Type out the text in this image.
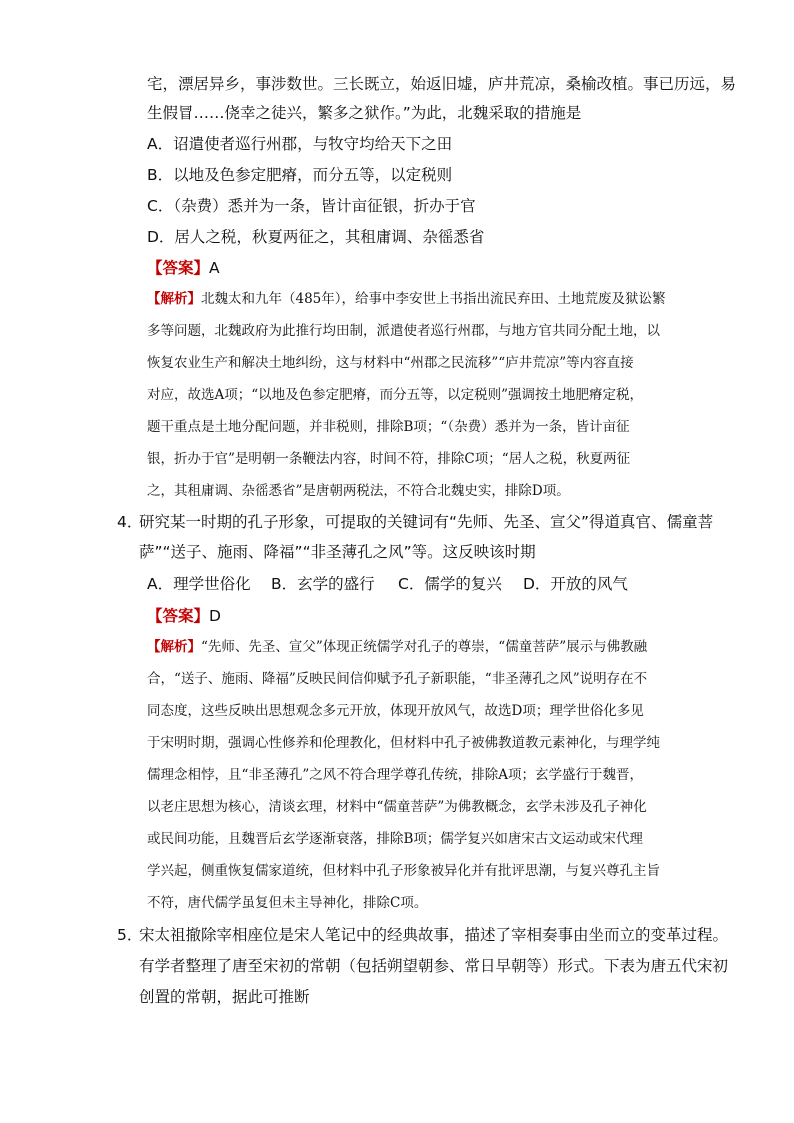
宅，漂居异乡，事涉数世。三长既立，始返旧墟，庐井荒凉，桑榆改植。事已历远，易
生假冒……侥幸之徒兴，繁多之狱作。”为此，北魏采取的措施是
A．诏遣使者巡行州郡，与牧守均给天下之田
B．以地及色参定肥瘠，而分五等，以定税则
C．（杂费）悉并为一条，皆计亩征银，折办于官
D．居人之税，秋夏两征之，其租庸调、杂徭悉省
【答案】A
【解析】北魏太和九年（485年），给事中李安世上书指出流民弃田、土地荒废及狱讼繁
多等问题，北魏政府为此推行均田制，派遣使者巡行州郡，与地方官共同分配土地，以
恢复农业生产和解决土地纠纷，这与材料中“州郡之民流移”“庐井荒凉”等内容直接
对应，故选A项；“以地及色参定肥瘠，而分五等，以定税则”强调按土地肥瘠定税，
题干重点是土地分配问题，并非税则，排除B项；“（杂费）悉并为一条，皆计亩征
银，折办于官”是明朝一条鞭法内容，时间不符，排除C项；“居人之税，秋夏两征
之，其租庸调、杂徭悉省”是唐朝两税法，不符合北魏史实，排除D项。
4．
研究某一时期的孔子形象，可提取的关键词有“先师、先圣、宣父”得道真官、儒童菩
萨”“送子、施雨、降福”“非圣薄孔之风”等。这反映该时期
A．理学世俗化 B．玄学的盛行 C．儒学的复兴 D．开放的风气
【答案】D
【解析】“先师、先圣、宣父”体现正统儒学对孔子的尊崇，“儒童菩萨”展示与佛教融
合，“送子、施雨、降福”反映民间信仰赋予孔子新职能，“非圣薄孔之风”说明存在不
同态度，这些反映出思想观念多元开放，体现开放风气，故选D项；理学世俗化多见
于宋明时期，强调心性修养和伦理教化，但材料中孔子被佛教道教元素神化，与理学纯
儒理念相悖，且“非圣薄孔”之风不符合理学尊孔传统，排除A项；玄学盛行于魏晋，
以老庄思想为核心，清谈玄理，材料中“儒童菩萨”为佛教概念，玄学未涉及孔子神化
或民间功能，且魏晋后玄学逐渐衰落，排除B项；儒学复兴如唐宋古文运动或宋代理
学兴起，侧重恢复儒家道统，但材料中孔子形象被异化并有批评思潮，与复兴尊孔主旨
不符，唐代儒学虽复但未主导神化，排除C项。
5．
宋太祖撤除宰相座位是宋人笔记中的经典故事，描述了宰相奏事由坐而立的变革过程。
有学者整理了唐至宋初的常朝（包括朔望朝参、常日早朝等）形式。下表为唐五代宋初
创置的常朝，据此可推断
